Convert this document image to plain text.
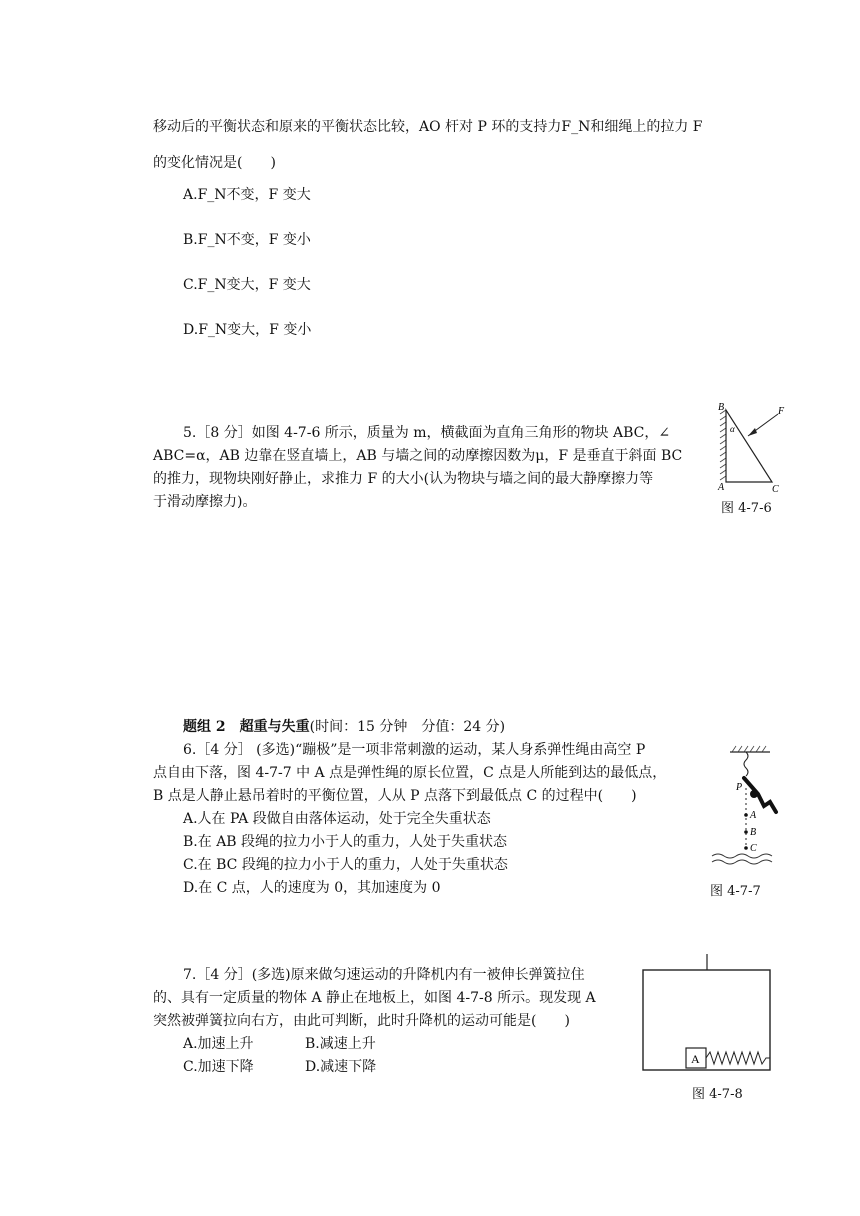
移动后的平衡状态和原来的平衡状态比较，AO 杆对 P 环的支持力F_N和细绳上的拉力 F
的变化情况是(　　)
A.F_N不变，F 变大
B.F_N不变，F 变小
C.F_N变大，F 变大
D.F_N变大，F 变小
5.［8 分］如图 4-7-6 所示，质量为 m，横截面为直角三角形的物块 ABC，∠
ABC=α，AB 边靠在竖直墙上，AB 与墙之间的动摩擦因数为μ，F 是垂直于斜面 BC
的推力，现物块刚好静止，求推力 F 的大小(认为物块与墙之间的最大静摩擦力等
于滑动摩擦力)。
B
A	C
F
α
图 4-7-6
题组 2　超重与失重(时间：15 分钟　分值：24 分)
6.［4 分］ (多选)“蹦极”是一项非常刺激的运动，某人身系弹性绳由高空 P
点自由下落，图 4-7-7 中 A 点是弹性绳的原长位置，C 点是人所能到达的最低点，
B 点是人静止悬吊着时的平衡位置，人从 P 点落下到最低点 C 的过程中(　　)
A.人在 PA 段做自由落体运动，处于完全失重状态
B.在 AB 段绳的拉力小于人的重力，人处于失重状态
C.在 BC 段绳的拉力小于人的重力，人处于失重状态
D.在 C 点，人的速度为 0，其加速度为 0
P
A
B
C
图 4-7-7
7.［4 分］(多选)原来做匀速运动的升降机内有一被伸长弹簧拉住
的、具有一定质量的物体 A 静止在地板上，如图 4-7-8 所示。现发现 A
突然被弹簧拉向右方，由此可判断，此时升降机的运动可能是(　　)
A.加速上升	B.减速上升
C.加速下降	D.减速下降	A
图 4-7-8
